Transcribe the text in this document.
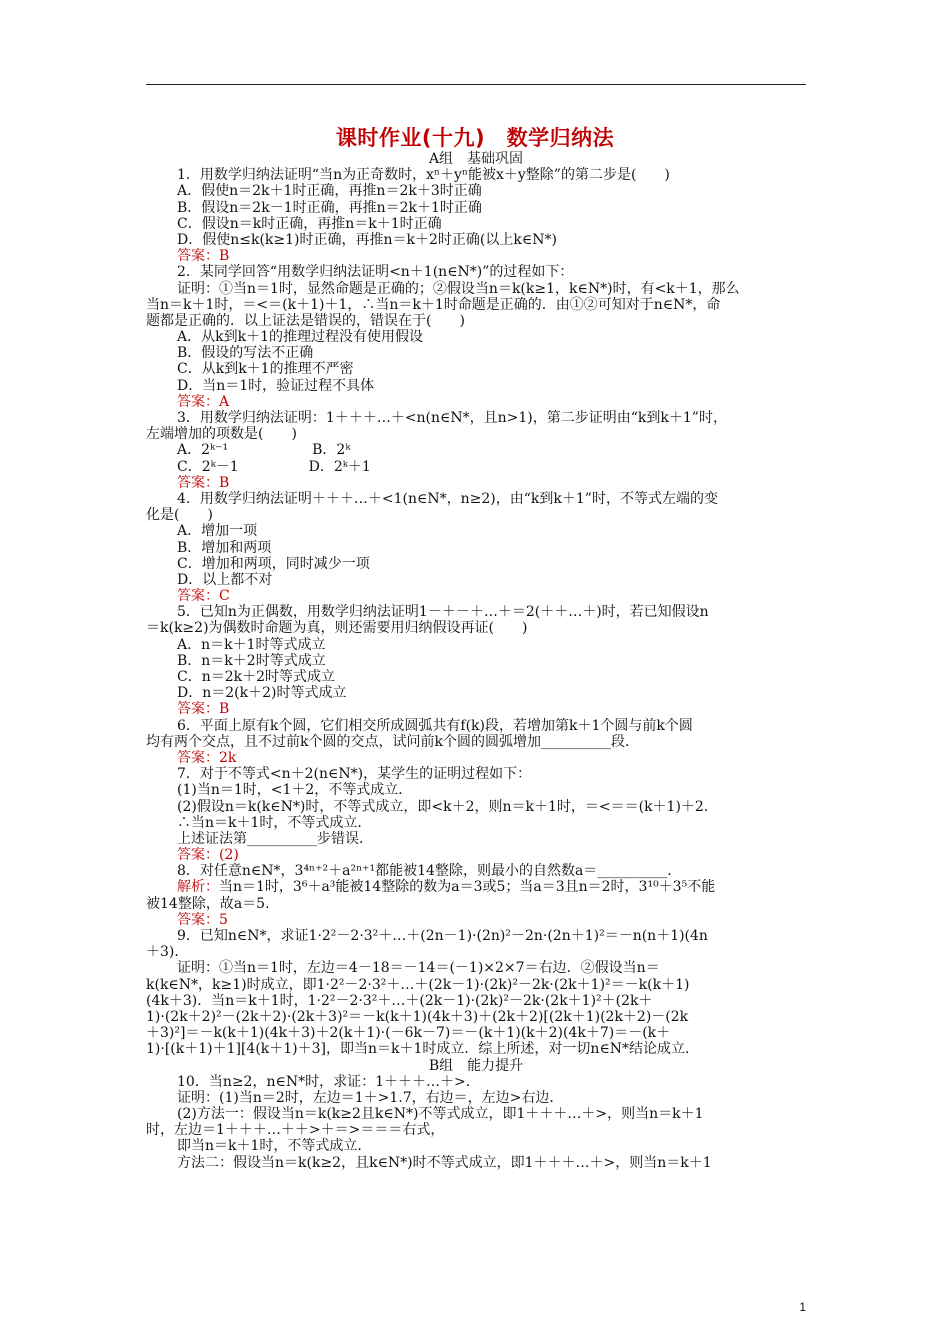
课时作业(十九)　数学归纳法
A组　基础巩固
1．用数学归纳法证明“当n为正奇数时，xⁿ＋yⁿ能被x＋y整除”的第二步是(　　)
A．假使n＝2k＋1时正确，再推n＝2k＋3时正确
B．假设n＝2k－1时正确，再推n＝2k＋1时正确
C．假设n＝k时正确，再推n＝k＋1时正确
D．假使n≤k(k≥1)时正确，再推n＝k＋2时正确(以上k∈N*)
答案：B
2．某同学回答“用数学归纳法证明<n＋1(n∈N*)”的过程如下：
证明：①当n＝1时，显然命题是正确的；②假设当n＝k(k≥1，k∈N*)时，有<k＋1，那么
当n＝k＋1时，＝<＝(k＋1)＋1，∴当n＝k＋1时命题是正确的．由①②可知对于n∈N*，命
题都是正确的．以上证法是错误的，错误在于(　　)
A．从k到k＋1的推理过程没有使用假设
B．假设的写法不正确
C．从k到k＋1的推理不严密
D．当n＝1时，验证过程不具体
答案：A
3．用数学归纳法证明：1＋＋＋…＋<n(n∈N*，且n>1)，第二步证明由“k到k＋1”时，
左端增加的项数是(　　)
A．2ᵏ⁻¹　　　　　　B．2ᵏ
C．2ᵏ－1　　　　　D．2ᵏ＋1
答案：B
4．用数学归纳法证明＋＋＋…＋<1(n∈N*，n≥2)，由“k到k＋1”时，不等式左端的变
化是(　　)
A．增加一项
B．增加和两项
C．增加和两项，同时减少一项
D．以上都不对
答案：C
5．已知n为正偶数，用数学归纳法证明1－＋－＋…＋＝2(＋＋…＋)时，若已知假设n
＝k(k≥2)为偶数时命题为真，则还需要用归纳假设再证(　　)
A．n＝k＋1时等式成立
B．n＝k＋2时等式成立
C．n＝2k＋2时等式成立
D．n＝2(k＋2)时等式成立
答案：B
6．平面上原有k个圆，它们相交所成圆弧共有f(k)段，若增加第k＋1个圆与前k个圆
均有两个交点，且不过前k个圆的交点，试问前k个圆的圆弧增加__________段．
答案：2k
7．对于不等式<n＋2(n∈N*)，某学生的证明过程如下：
(1)当n＝1时，<1＋2，不等式成立．
(2)假设n＝k(k∈N*)时，不等式成立，即<k＋2，则n＝k＋1时，＝<＝＝(k＋1)＋2．
∴当n＝k＋1时，不等式成立．
上述证法第__________步错误．
答案：(2)
8．对任意n∈N*，3⁴ⁿ⁺²＋a²ⁿ⁺¹都能被14整除，则最小的自然数a＝__________．
解析：当n＝1时，3⁶＋a³能被14整除的数为a＝3或5；当a＝3且n＝2时，3¹⁰＋3⁵不能
被14整除，故a＝5.
答案：5
9．已知n∈N*，求证1·2²－2·3²＋…＋(2n－1)·(2n)²－2n·(2n＋1)²＝－n(n＋1)(4n
＋3)．
证明：①当n＝1时，左边＝4－18＝－14＝(－1)×2×7＝右边．②假设当n＝
k(k∈N*，k≥1)时成立，即1·2²－2·3²＋…＋(2k－1)·(2k)²－2k·(2k＋1)²＝－k(k＋1)
(4k＋3)．当n＝k＋1时，1·2²－2·3²＋…＋(2k－1)·(2k)²－2k·(2k＋1)²＋(2k＋
1)·(2k＋2)²－(2k＋2)·(2k＋3)²＝－k(k＋1)(4k＋3)＋(2k＋2)[(2k＋1)(2k＋2)－(2k
＋3)²]＝－k(k＋1)(4k＋3)＋2(k＋1)·(－6k－7)＝－(k＋1)(k＋2)(4k＋7)＝－(k＋
1)·[(k＋1)＋1][4(k＋1)＋3]，即当n＝k＋1时成立．综上所述，对一切n∈N*结论成立．
B组　能力提升
10．当n≥2，n∈N*时，求证：1＋＋＋…＋>．
证明：(1)当n＝2时，左边＝1＋>1.7，右边＝，左边>右边．
(2)方法一：假设当n＝k(k≥2且k∈N*)不等式成立，即1＋＋＋…＋>，则当n＝k＋1
时，左边＝1＋＋＋…＋＋>＋＝>＝＝＝右式，
即当n＝k＋1时，不等式成立．
方法二：假设当n＝k(k≥2，且k∈N*)时不等式成立，即1＋＋＋…＋>，则当n＝k＋1
1
